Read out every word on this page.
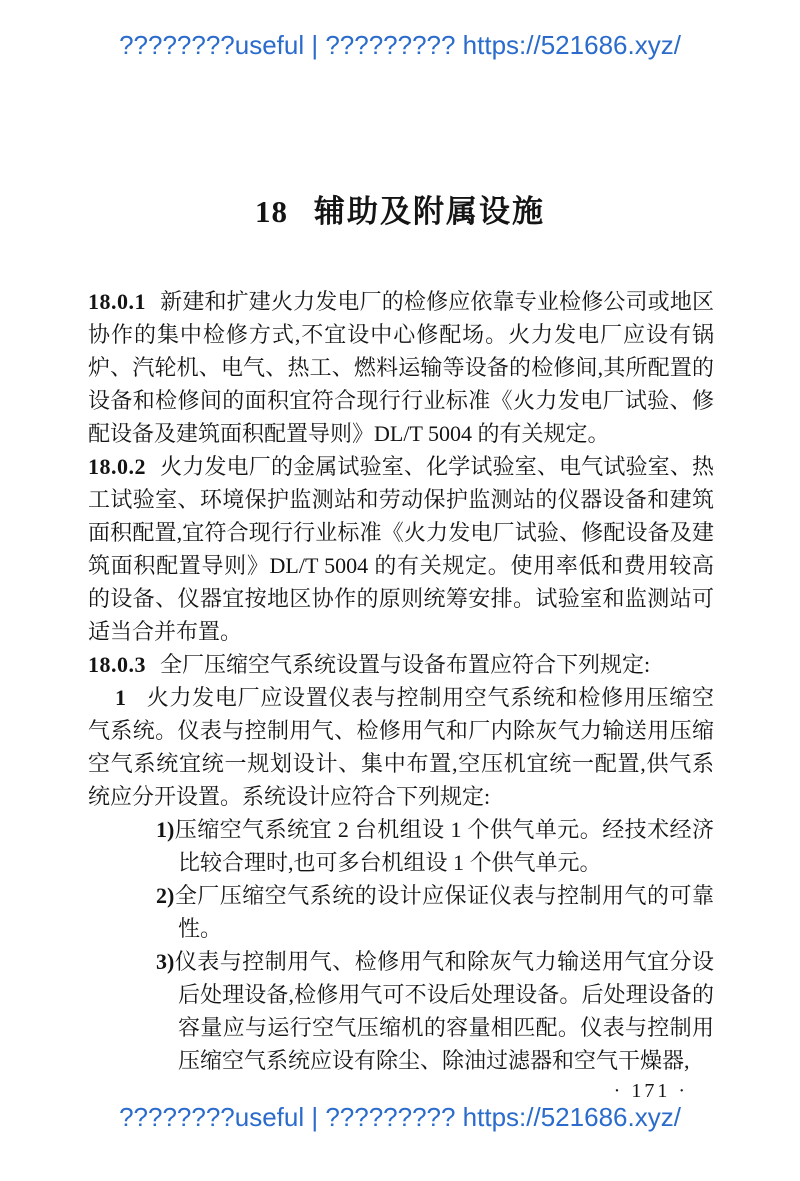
????????useful | ????????? https://521686.xyz/
18 辅助及附属设施

18.0.1 新建和扩建火力发电厂的检修应依靠专业检修公司或地区协作的集中检修方式,不宜设中心修配场。火力发电厂应设有锅炉、汽轮机、电气、热工、燃料运输等设备的检修间,其所配置的设备和检修间的面积宜符合现行行业标准《火力发电厂试验、修配设备及建筑面积配置导则》DL/T 5004 的有关规定。

18.0.2 火力发电厂的金属试验室、化学试验室、电气试验室、热工试验室、环境保护监测站和劳动保护监测站的仪器设备和建筑面积配置,宜符合现行行业标准《火力发电厂试验、修配设备及建筑面积配置导则》DL/T 5004 的有关规定。使用率低和费用较高的设备、仪器宜按地区协作的原则统筹安排。试验室和监测站可适当合并布置。

18.0.3 全厂压缩空气系统设置与设备布置应符合下列规定:

1 火力发电厂应设置仪表与控制用空气系统和检修用压缩空气系统。仪表与控制用气、检修用气和厂内除灰气力输送用压缩空气系统宜统一规划设计、集中布置,空压机宜统一配置,供气系统应分开设置。系统设计应符合下列规定:

1)压缩空气系统宜 2 台机组设 1 个供气单元。经技术经济比较合理时,也可多台机组设 1 个供气单元。

2)全厂压缩空气系统的设计应保证仪表与控制用气的可靠性。

3)仪表与控制用气、检修用气和除灰气力输送用气宜分设后处理设备,检修用气可不设后处理设备。后处理设备的容量应与运行空气压缩机的容量相匹配。仪表与控制用压缩空气系统应设有除尘、除油过滤器和空气干燥器,

· 171 ·
????????useful | ????????? https://521686.xyz/
